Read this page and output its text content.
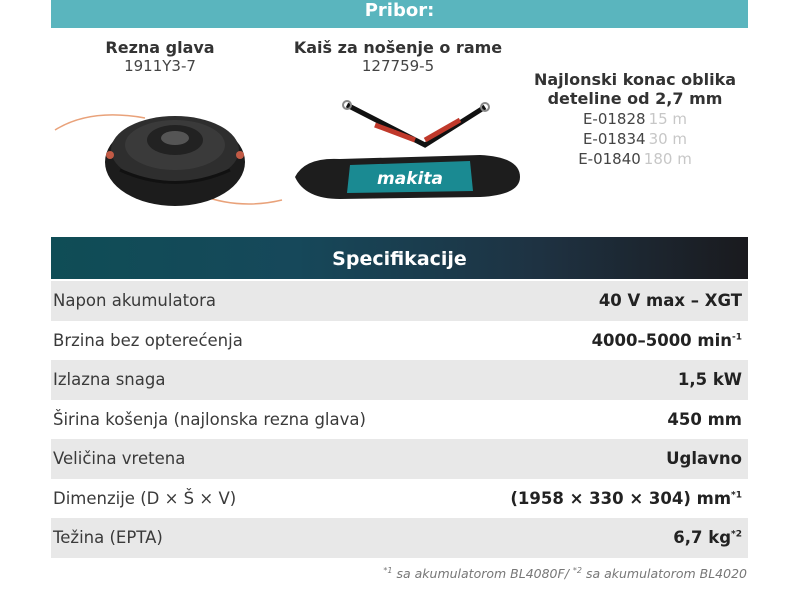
Pribor:
Rezna glava
1911Y3-7
Kaiš za nošenje o rame
127759-5
Najlonski konac oblika
deteline od 2,7 mm
E-01828 15 m
E-01834 30 m
E-01840 180 m
makita
Specifikacije
Napon akumulatora	40 V max – XGT
Brzina bez opterećenja	4000–5000 $\min^{-1}$
Izlazna snaga	1,5 kW
Širina košenja (najlonska rezna glava)	450 mm
Veličina vretena	Uglavno
Dimenzije (D × Š × V)	(1958 × 330 × 304) $mm^{*1}$
Težina (EPTA)	6,7 $kg^{*2}$
$^{*1}$ sa akumulatorom BL4080F/ $^{*2}$ sa akumulatorom BL4020
